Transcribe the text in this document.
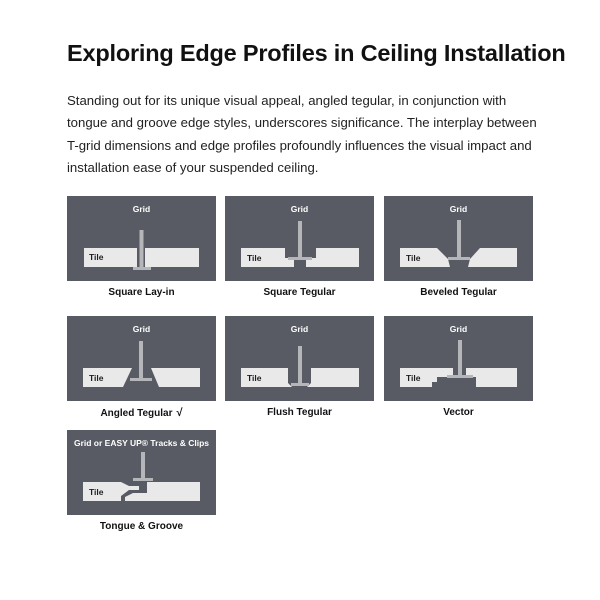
Exploring Edge Profiles in Ceiling Installation
Standing out for its unique visual appeal, angled tegular, in conjunction with tongue and groove edge styles, underscores significance. The interplay between T-grid dimensions and edge profiles profoundly influences the visual impact and installation ease of your suspended ceiling.
Grid
Tile
Square Lay-in
Grid
Tile
Square Tegular
Grid
Tile
Beveled Tegular
Grid
Tile
Angled Tegular √
Grid
Tile
Flush Tegular
Grid
Tile
Vector
Grid or EASY UP® Tracks & Clips
Tile
Tongue & Groove
